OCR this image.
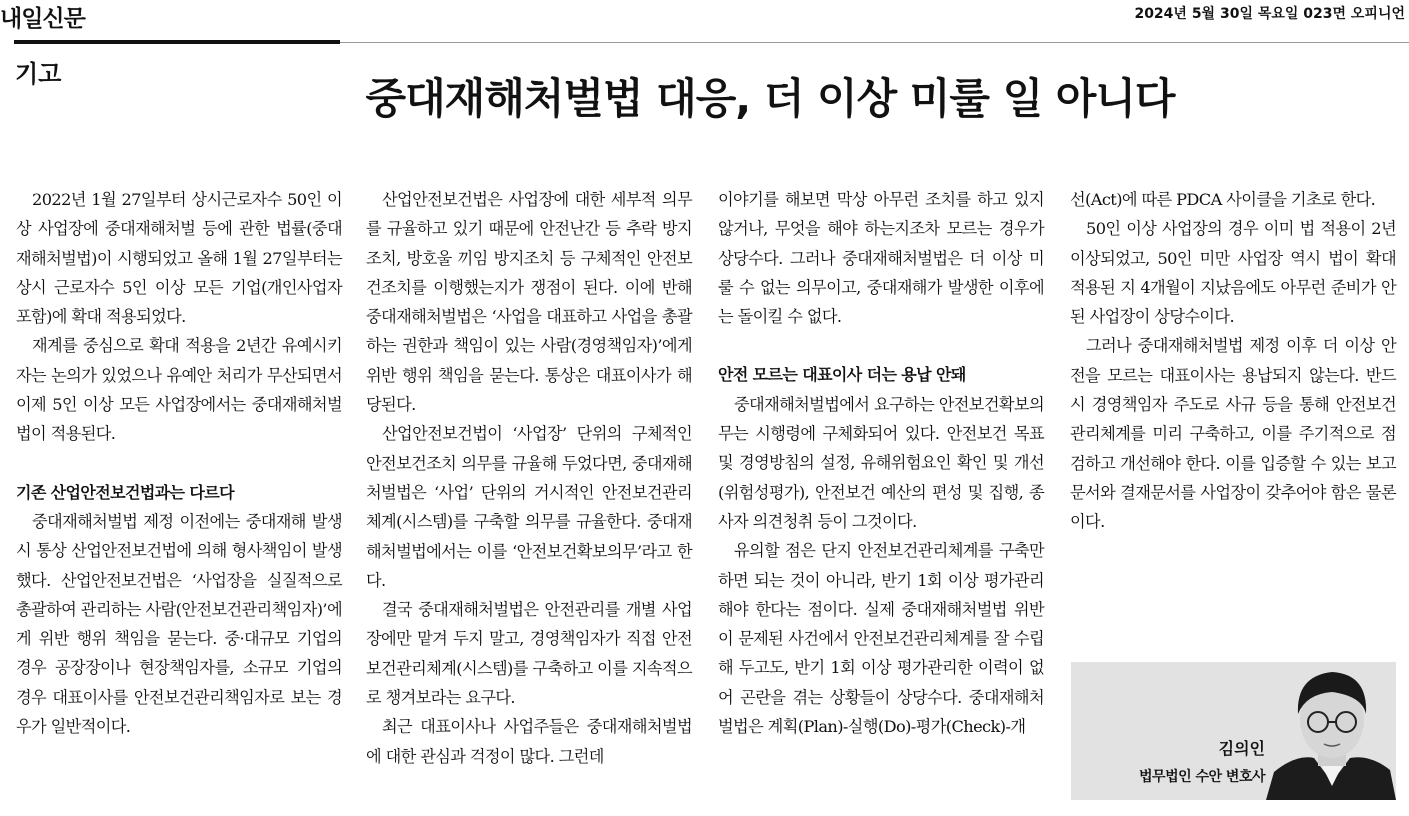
내일신문	2024년 5월 30일 목요일 023면 오피니언
기고	중대재해처벌법 대응, 더 이상 미룰 일 아니다

2022년 1월 27일부터 상시근로자수 50인 이상 사업장에 중대재해처벌 등에 관한 법률(중대재해처벌법)이 시행되었고 올해 1월 27일부터는 상시 근로자수 5인 이상 모든 기업(개인사업자 포함)에 확대 적용되었다.

재계를 중심으로 확대 적용을 2년간 유예시키자는 논의가 있었으나 유예안 처리가 무산되면서 이제 5인 이상 모든 사업장에서는 중대재해처벌법이 적용된다.

기존 산업안전보건법과는 다르다

중대재해처벌법 제정 이전에는 중대재해 발생 시 통상 산업안전보건법에 의해 형사책임이 발생했다. 산업안전보건법은 ‘사업장을 실질적으로 총괄하여 관리하는 사람(안전보건관리책임자)’에게 위반 행위 책임을 묻는다. 중·대규모 기업의 경우 공장장이나 현장책임자를, 소규모 기업의 경우 대표이사를 안전보건관리책임자로 보는 경우가 일반적이다.

산업안전보건법은 사업장에 대한 세부적 의무를 규율하고 있기 때문에 안전난간 등 추락 방지조치, 방호울 끼임 방지조치 등 구체적인 안전보건조치를 이행했는지가 쟁점이 된다. 이에 반해 중대재해처벌법은 ‘사업을 대표하고 사업을 총괄하는 권한과 책임이 있는 사람(경영책임자)’에게 위반 행위 책임을 묻는다. 통상은 대표이사가 해당된다.

산업안전보건법이 ‘사업장’ 단위의 구체적인 안전보건조치 의무를 규율해 두었다면, 중대재해처벌법은 ‘사업’ 단위의 거시적인 안전보건관리체계(시스템)를 구축할 의무를 규율한다. 중대재해처벌법에서는 이를 ‘안전보건확보의무’라고 한다.

결국 중대재해처벌법은 안전관리를 개별 사업장에만 맡겨 두지 말고, 경영책임자가 직접 안전보건관리체계(시스템)를 구축하고 이를 지속적으로 챙겨보라는 요구다.

최근 대표이사나 사업주들은 중대재해처벌법에 대한 관심과 걱정이 많다. 그런데

이야기를 해보면 막상 아무런 조치를 하고 있지 않거나, 무엇을 해야 하는지조차 모르는 경우가 상당수다. 그러나 중대재해처벌법은 더 이상 미룰 수 없는 의무이고, 중대재해가 발생한 이후에는 돌이킬 수 없다.

안전 모르는 대표이사 더는 용납 안돼

중대재해처벌법에서 요구하는 안전보건확보의무는 시행령에 구체화되어 있다. 안전보건 목표 및 경영방침의 설정, 유해위험요인 확인 및 개선(위험성평가), 안전보건 예산의 편성 및 집행, 종사자 의견청취 등이 그것이다.

유의할 점은 단지 안전보건관리체계를 구축만 하면 되는 것이 아니라, 반기 1회 이상 평가관리해야 한다는 점이다. 실제 중대재해처벌법 위반이 문제된 사건에서 안전보건관리체계를 잘 수립해 두고도, 반기 1회 이상 평가관리한 이력이 없어 곤란을 겪는 상황들이 상당수다. 중대재해처벌법은 계획(Plan)-실행(Do)-평가(Check)-개

선(Act)에 따른 PDCA 사이클을 기초로 한다.

50인 이상 사업장의 경우 이미 법 적용이 2년 이상되었고, 50인 미만 사업장 역시 법이 확대 적용된 지 4개월이 지났음에도 아무런 준비가 안된 사업장이 상당수이다.

그러나 중대재해처벌법 제정 이후 더 이상 안전을 모르는 대표이사는 용납되지 않는다. 반드시 경영책임자 주도로 사규 등을 통해 안전보건관리체계를 미리 구축하고, 이를 주기적으로 점검하고 개선해야 한다. 이를 입증할 수 있는 보고문서와 결재문서를 사업장이 갖추어야 함은 물론이다.

김의인
법무법인 수안 변호사
